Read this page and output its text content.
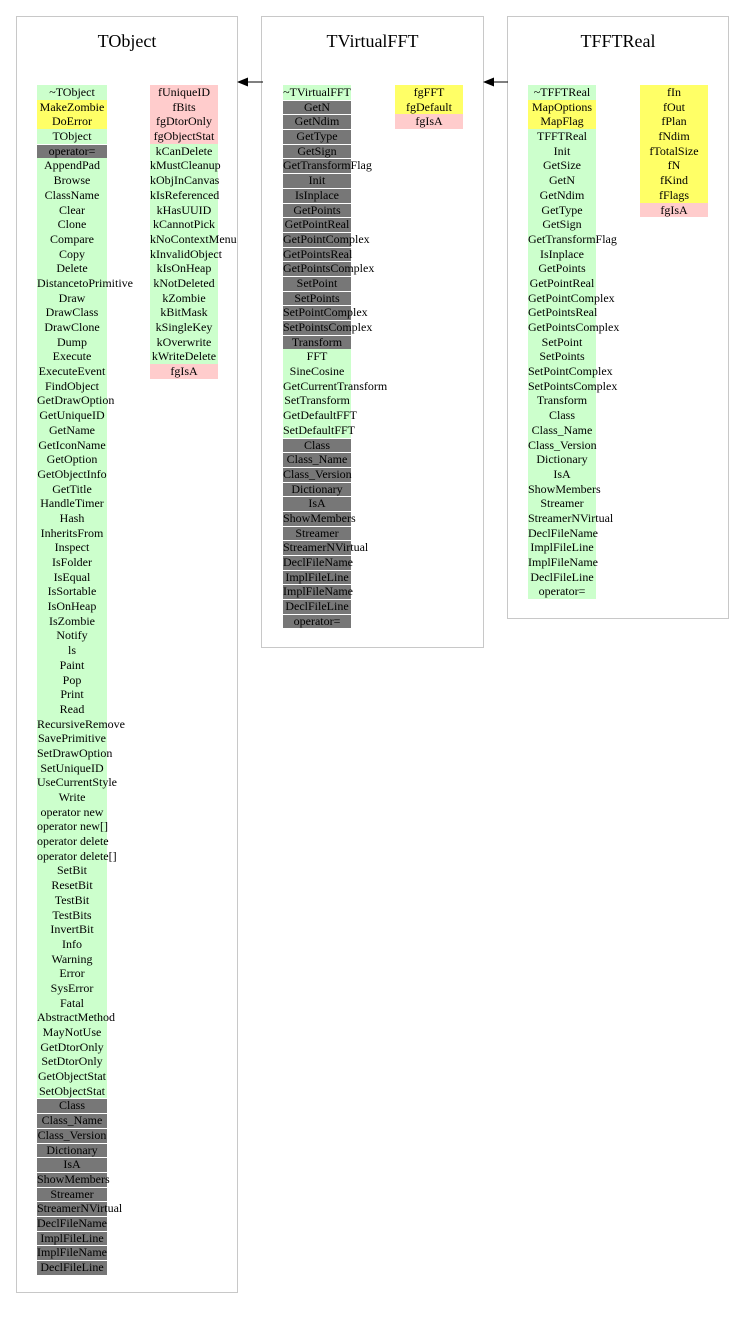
TObject
~TObject
MakeZombie
DoError
TObject
operator=
AppendPad
Browse
ClassName
Clear
Clone
Compare
Copy
Delete
DistancetoPrimitive
Draw
DrawClass
DrawClone
Dump
Execute
ExecuteEvent
FindObject
GetDrawOption
GetUniqueID
GetName
GetIconName
GetOption
GetObjectInfo
GetTitle
HandleTimer
Hash
InheritsFrom
Inspect
IsFolder
IsEqual
IsSortable
IsOnHeap
IsZombie
Notify
ls
Paint
Pop
Print
Read
RecursiveRemove
SavePrimitive
SetDrawOption
SetUniqueID
UseCurrentStyle
Write
operator new
operator new[]
operator delete
operator delete[]
SetBit
ResetBit
TestBit
TestBits
InvertBit
Info
Warning
Error
SysError
Fatal
AbstractMethod
MayNotUse
GetDtorOnly
SetDtorOnly
GetObjectStat
SetObjectStat
Class
Class_Name
Class_Version
Dictionary
IsA
ShowMembers
Streamer
StreamerNVirtual
DeclFileName
ImplFileLine
ImplFileName
DeclFileLine
fUniqueID
fBits
fgDtorOnly
fgObjectStat
kCanDelete
kMustCleanup
kObjInCanvas
kIsReferenced
kHasUUID
kCannotPick
kNoContextMenu
kInvalidObject
kIsOnHeap
kNotDeleted
kZombie
kBitMask
kSingleKey
kOverwrite
kWriteDelete
fgIsA
TVirtualFFT
~TVirtualFFT
GetN
GetNdim
GetType
GetSign
GetTransformFlag
Init
IsInplace
GetPoints
GetPointReal
GetPointComplex
GetPointsReal
GetPointsComplex
SetPoint
SetPoints
SetPointComplex
SetPointsComplex
Transform
FFT
SineCosine
GetCurrentTransform
SetTransform
GetDefaultFFT
SetDefaultFFT
Class
Class_Name
Class_Version
Dictionary
IsA
ShowMembers
Streamer
StreamerNVirtual
DeclFileName
ImplFileLine
ImplFileName
DeclFileLine
operator=
fgFFT
fgDefault
fgIsA
TFFTReal
~TFFTReal
MapOptions
MapFlag
TFFTReal
Init
GetSize
GetN
GetNdim
GetType
GetSign
GetTransformFlag
IsInplace
GetPoints
GetPointReal
GetPointComplex
GetPointsReal
GetPointsComplex
SetPoint
SetPoints
SetPointComplex
SetPointsComplex
Transform
Class
Class_Name
Class_Version
Dictionary
IsA
ShowMembers
Streamer
StreamerNVirtual
DeclFileName
ImplFileLine
ImplFileName
DeclFileLine
operator=
fIn
fOut
fPlan
fNdim
fTotalSize
fN
fKind
fFlags
fgIsA
